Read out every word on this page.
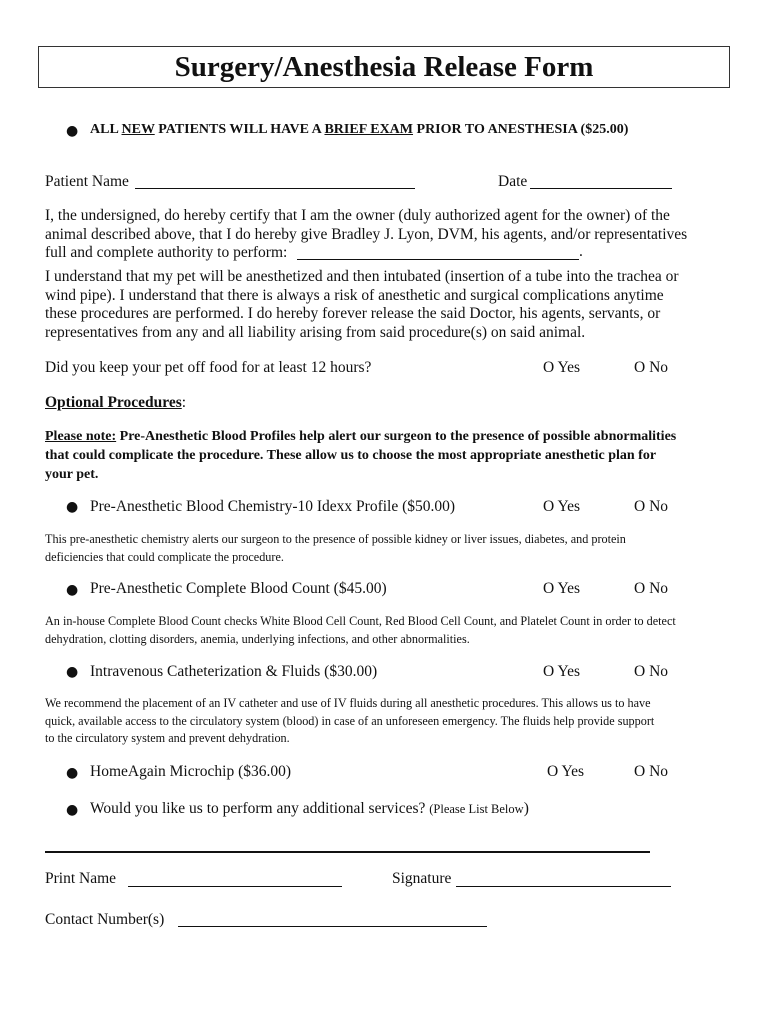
Surgery/Anesthesia Release Form
● ALL NEW PATIENTS WILL HAVE A BRIEF EXAM PRIOR TO ANESTHESIA ($25.00)
Patient Name	Date
I, the undersigned, do hereby certify that I am the owner (duly authorized agent for the owner) of the
animal described above, that I do hereby give Bradley J. Lyon, DVM, his agents, and/or representatives
full and complete authority to perform:	.
I understand that my pet will be anesthetized and then intubated (insertion of a tube into the trachea or
wind pipe). I understand that there is always a risk of anesthetic and surgical complications anytime
these procedures are performed. I do hereby forever release the said Doctor, his agents, servants, or
representatives from any and all liability arising from said procedure(s) on said animal.
Did you keep your pet off food for at least 12 hours?	O Yes	O No
Optional Procedures:
Please note: Pre-Anesthetic Blood Profiles help alert our surgeon to the presence of possible abnormalities
that could complicate the procedure. These allow us to choose the most appropriate anesthetic plan for
your pet.
● Pre-Anesthetic Blood Chemistry-10 Idexx Profile ($50.00)	O Yes	O No
This pre-anesthetic chemistry alerts our surgeon to the presence of possible kidney or liver issues, diabetes, and protein
deficiencies that could complicate the procedure.
● Pre-Anesthetic Complete Blood Count ($45.00)	O Yes	O No
An in-house Complete Blood Count checks White Blood Cell Count, Red Blood Cell Count, and Platelet Count in order to detect
dehydration, clotting disorders, anemia, underlying infections, and other abnormalities.
● Intravenous Catheterization & Fluids ($30.00)	O Yes	O No
We recommend the placement of an IV catheter and use of IV fluids during all anesthetic procedures. This allows us to have
quick, available access to the circulatory system (blood) in case of an unforeseen emergency. The fluids help provide support
to the circulatory system and prevent dehydration.
● HomeAgain Microchip ($36.00)	O Yes	O No
● Would you like us to perform any additional services? (Please List Below)
Print Name	Signature
Contact Number(s)
